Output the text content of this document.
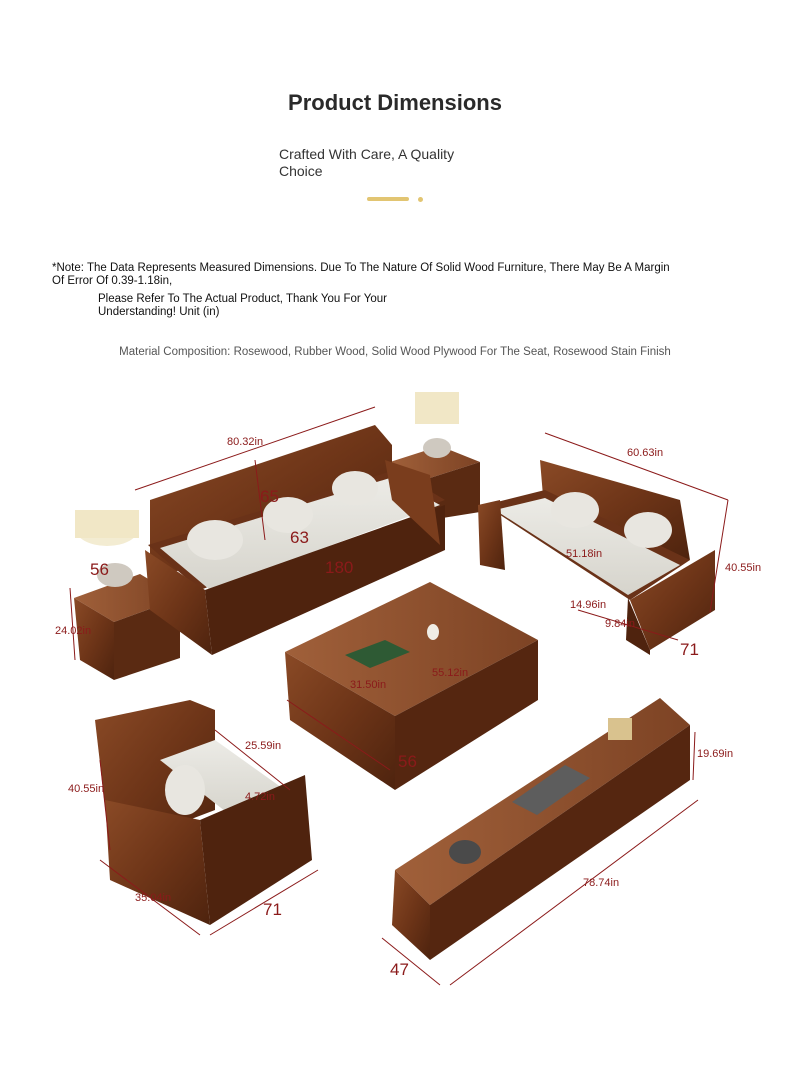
Product Dimensions
Crafted With Care, A Quality Choice
*Note: The Data Represents Measured Dimensions. Due To The Nature Of Solid Wood Furniture, There May Be A Margin Of Error Of 0.39-1.18in,
Please Refer To The Actual Product, Thank You For Your Understanding! Unit (in)
Material Composition: Rosewood, Rubber Wood, Solid Wood Plywood For The Seat, Rosewood Stain Finish
80.32in
65
63
180
56
24.02in
60.63in
40.55in
51.18in
14.96in
9.84in
71
31.50in
55.12in
56
25.59in
40.55in
4.72in
35.04in
71
19.69in
78.74in
47
